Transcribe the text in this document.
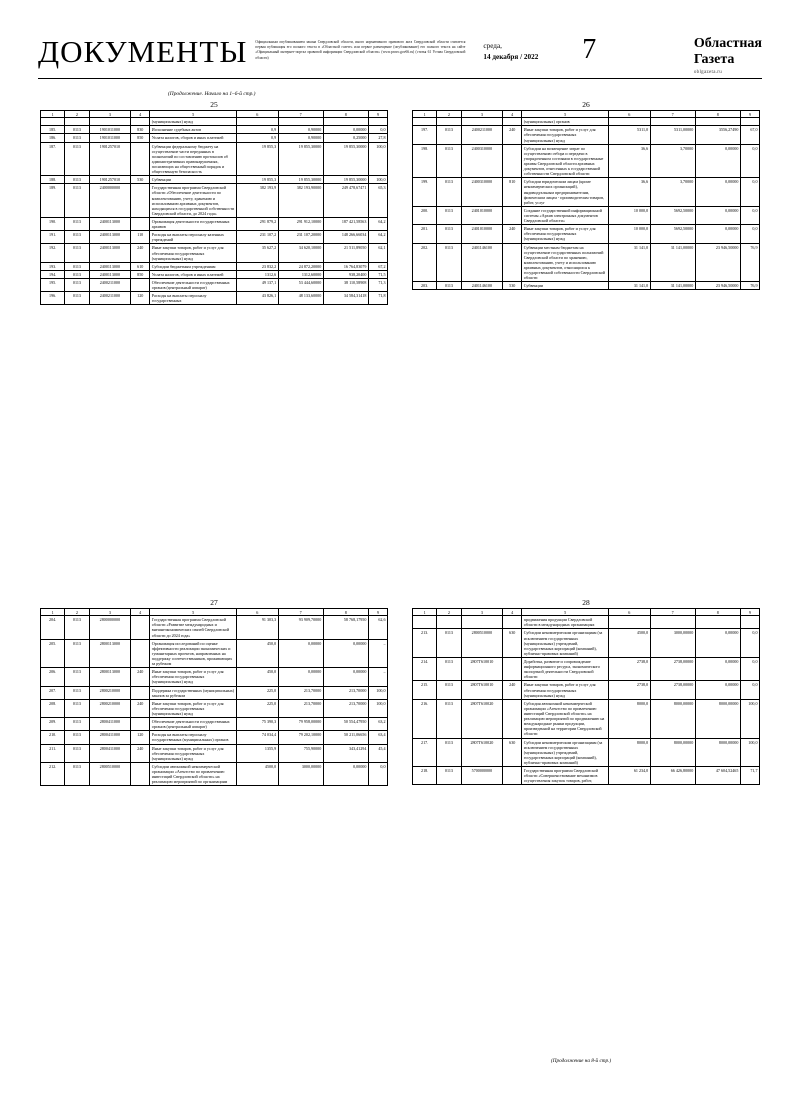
ДОКУМЕНТЫ	Официальным опубликованием закона Свердловской области, иного нормативного правового акта Свердловской области считается первая публикация его полного текста в «Областной газете» или первое размещение (опубликование) его полного текста на сайте «Официальный интернет-портал правовой информации Свердловской области» (www.pravo.gov66.ru) (статья 61 Устава Свердловской области)
среда,
14 декабря / 2022 7	Областная
Газета
oblgazeta.ru
(Продолжение. Начало на 1–6-й стр.)
25
1	2	3	4	5	6	7	8	9
				(муниципальных) нужд				
185.	0113	1901011000	830	Исполнение судебных актов	0,9	0,90000	0,00000	0,0
186.	0113	1901011000	850	Уплата налогов, сборов и иных платежей	0,9	0,90000	0,25000	27,8
187.	0113	1901257010		Субвенции федеральному бюджету на осуществление части переданных в полномочий по составлению протоколов об административных правонарушениях, посягающих на общественный порядок и общественную безопасность	19 855,3	19 855,30000	19 855,30000	100,0
188.	0113	1901257010	530	Субвенции	19 855,3	19 855,30000	19 855,30000	100,0
189.	0113	2400000000		Государственная программа Свердловской области «Обеспечение деятельности по комплектованию, учету, хранению и использованию архивных документов, находящихся в государственной собственности Свердловской области, до 2024 года»	382 193,9	382 193,90000	249 478,67471	65,3
190.	0113	2400113000		Организация деятельности государственных архивов	291 879,2	291 912,10000	187 421,58563	64,2
191.	0113	2400113000	110	Расходы на выплаты персоналу казенных учреждений	231 107,2	231 107,20000	148 266,66034	64,2
192.	0113	2400113000	240	Иные закупки товаров, работ и услуг для обеспечения государственных (муниципальных) нужд	35 627,2	34 620,10000	21 511,89050	62,1
193.	0113	2400113000	610	Субсидии бюджетным учреждениям	23 832,2	24 872,20000	16 764,83079	67,2
194.	0113	2400113000	850	Уплата налогов, сборов и иных платежей	1312,6	1312,60000	938,20400	71,5
195.	0113	2400211000		Обеспечение деятельности государственных органов (центральный аппарат)	49 137,1	53 444,60000	38 110,58908	71,3
196.	0113	2400211000	120	Расходы на выплаты персоналу государственных	43 826,1	48 133,60000	34 584,31418	71,8
26
1	2	3	4	5	6	7	8	9
				(муниципальных) органов				
197.	0113	2400211000	240	Иные закупки товаров, работ и услуг для обеспечения государственных (муниципальных) нужд	5311,0	5311,00000	3556,27490	67,0
198.	0113	2400310000		Субсидии на возмещение затрат по осуществлению отбора и передачи в упорядоченном состоянии в государственные архивы Свердловской области архивных документов, отнесенных к государственной собственности Свердловской области	36,6	3,70000	0,00000	0,0
199.	0113	2400310000	810	Субсидии юридическим лицам (кроме некоммерческих организаций), индивидуальным предпринимателям, физическим лицам - производителям товаров, работ, услуг	36,6	3,70000	0,00000	0,0
200.	0113	2401010000		Создание государственной информационной системы «Архив электронных документов Свердловской области»	10 000,0	5692,50000	0,00000	0,0
201.	0113	2401010000	240	Иные закупки товаров, работ и услуг для обеспечения государственных (муниципальных) нужд	10 000,0	5692,50000	0,00000	0,0
202.	0113	2401146100		Субвенции местным бюджетам на осуществление государственных полномочий Свердловской области по хранению, комплектованию, учету и использованию архивных документов, относящихся к государственной собственности Свердловской области	31 141,0	31 141,00000	23 946,50000	76,9
203.	0113	2401146100	530	Субвенции	31 141,0	31 141,00000	23 946,50000	76,9
27
1	2	3	4	5	6	7	8	9
204.	0113	2800000000		Государственная программа Свердловской области «Развитие международных и внешнеэкономических связей Свердловской области до 2024 года»	91 303,3	93 909,70000	58 768,17950	62,6
205.	0113	2800113000		Организация исследований по оценке эффективности реализации экономических и гуманитарных проектов, направленных на поддержку соотечественников, проживающих за рубежом	450,0	0,00000	0,00000	–
206.	0113	2800113000	240	Иные закупки товаров, работ и услуг для обеспечения государственных (муниципальных) нужд	450,0	0,00000	0,00000	–
207.	0113	2800210000		Поддержка государственных (муниципальных) заказов за рубежом	225,0	213,70000	213,70000	100,0
208.	0113	2800210000	240	Иные закупки товаров, работ и услуг для обеспечения государственных (муниципальных) нужд	225,0	213,70000	213,70000	100,0
209.	0113	2800411000		Обеспечение деятельности государственных органов (центральный аппарат)	75 390,3	79 958,00000	50 554,47950	63,2
210.	0113	2800411000	120	Расходы на выплаты персоналу государственных (муниципальных) органов	74 034,4	79 202,10000	50 211,06656	63,4
211.	0113	2800411000	240	Иные закупки товаров, работ и услуг для обеспечения государственных (муниципальных) нужд	1355,9	755,90000	343,41294	45,4
212.	0113	2800510000		Субсидии автономной некоммерческой организации «Агентство по привлечению инвестиций Свердловской области» на реализацию мероприятий по организациям	4500,0	3000,00000	0,00000	0,0
28
1	2	3	4	5	6	7	8	9
				продвижения продукции Свердловской области в международных организациях				
213.	0113	2800510000	630	Субсидии некоммерческим организациям (за исключением государственных (муниципальных) учреждений, государственных корпораций (компаний), публично-правовых компаний)	4500,0	3000,00000	0,00000	0,0
214.	0113	2807Г610010		Доработка, развитие и сопровождение информационного ресурса, экономического экспортной деятельности Свердловской области	2738,0	2738,00000	0,00000	0,0
215.	0113	2807Г610010	240	Иные закупки товаров, работ и услуг для обеспечения государственных (муниципальных) нужд	2738,0	2738,00000	0,00000	0,0
216.	0113	2807Г610020		Субсидия автономной некоммерческой организации «Агентство по привлечению инвестиций Свердловской области» на реализацию мероприятий по продвижению на международные рынки продукции, произведенной на территории Свердловской области	8000,0	8000,00000	8000,00000	100,0
217.	0113	2807Г610020	630	Субсидии некоммерческим организациям (за исключением государственных (муниципальных) учреждений, государственных корпораций (компаний), публично-правовых компаний)	8000,0	8000,00000	8000,00000	100,0
218.	0113	5700000000		Государственная программа Свердловской области «Совершенствование механизмов осуществления закупок товаров, работ,	61 234,0	66 426,80000	47 604,52465	71,7
(Продолжение на 8-й стр.)
